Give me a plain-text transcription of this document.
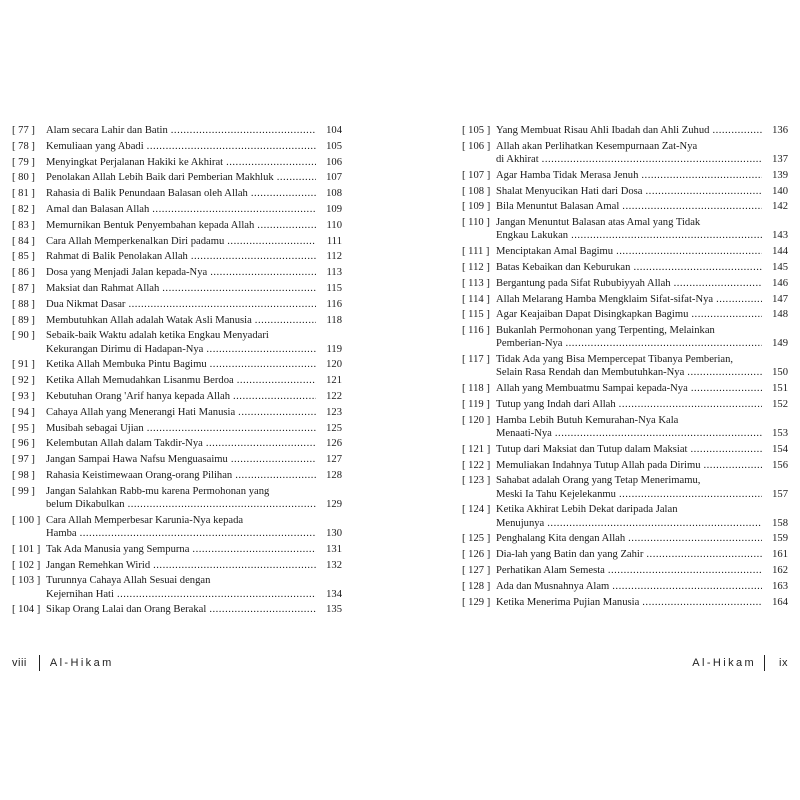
[ 77 ] Alam secara Lahir dan Batin .....	104
[ 78 ] Kemuliaan yang Abadi .....	105
[ 79 ] Menyingkat Perjalanan Hakiki ke Akhirat .....	106
[ 80 ] Penolakan Allah Lebih Baik dari Pemberian Makhluk .....	107
[ 81 ] Rahasia di Balik Penundaan Balasan oleh Allah .....	108
[ 82 ] Amal dan Balasan Allah .....	109
[ 83 ] Memurnikan Bentuk Penyembahan kepada Allah .....	110
[ 84 ] Cara Allah Memperkenalkan Diri padamu .....	111
[ 85 ] Rahmat di Balik Penolakan Allah .....	112
[ 86 ] Dosa yang Menjadi Jalan kepada-Nya .....	113
[ 87 ] Maksiat dan Rahmat Allah .....	115
[ 88 ] Dua Nikmat Dasar .....	116
[ 89 ] Membutuhkan Allah adalah Watak Asli Manusia .....	118
[ 90 ] Sebaik-baik Waktu adalah ketika Engkau Menyadari
Kekurangan Dirimu di Hadapan-Nya .....	119
[ 91 ] Ketika Allah Membuka Pintu Bagimu .....	120
[ 92 ] Ketika Allah Memudahkan Lisanmu Berdoa .....	121
[ 93 ] Kebutuhan Orang 'Arif hanya kepada Allah .....	122
[ 94 ] Cahaya Allah yang Menerangi Hati Manusia .....	123
[ 95 ] Musibah sebagai Ujian .....	125
[ 96 ] Kelembutan Allah dalam Takdir-Nya .....	126
[ 97 ] Jangan Sampai Hawa Nafsu Menguasaimu .....	127
[ 98 ] Rahasia Keistimewaan Orang-orang Pilihan .....	128
[ 99 ] Jangan Salahkan Rabb-mu karena Permohonan yang
belum Dikabulkan .....	129
[ 100 ] Cara Allah Memperbesar Karunia-Nya kepada
Hamba .....	130
[ 101 ] Tak Ada Manusia yang Sempurna .....	131
[ 102 ] Jangan Remehkan Wirid .....	132
[ 103 ] Turunnya Cahaya Allah Sesuai dengan
Kejernihan Hati .....	134
[ 104 ] Sikap Orang Lalai dan Orang Berakal .....	135
viii Al-Hikam	Al-Hikam ix
[ 105 ] Yang Membuat Risau Ahli Ibadah dan Ahli Zuhud .....	136
[ 106 ] Allah akan Perlihatkan Kesempurnaan Zat-Nya
di Akhirat .....	137
[ 107 ] Agar Hamba Tidak Merasa Jenuh .....	139
[ 108 ] Shalat Menyucikan Hati dari Dosa .....	140
[ 109 ] Bila Menuntut Balasan Amal .....	142
[ 110 ] Jangan Menuntut Balasan atas Amal yang Tidak
Engkau Lakukan .....	143
[ 111 ] Menciptakan Amal Bagimu .....	144
[ 112 ] Batas Kebaikan dan Keburukan .....	145
[ 113 ] Bergantung pada Sifat Rububiyyah Allah .....	146
[ 114 ] Allah Melarang Hamba Mengklaim Sifat-sifat-Nya .....	147
[ 115 ] Agar Keajaiban Dapat Disingkapkan Bagimu .....	148
[ 116 ] Bukanlah Permohonan yang Terpenting, Melainkan
Pemberian-Nya .....	149
[ 117 ] Tidak Ada yang Bisa Mempercepat Tibanya Pemberian,
Selain Rasa Rendah dan Membutuhkan-Nya .....	150
[ 118 ] Allah yang Membuatmu Sampai kepada-Nya .....	151
[ 119 ] Tutup yang Indah dari Allah .....	152
[ 120 ] Hamba Lebih Butuh Kemurahan-Nya Kala
Menaati-Nya .....	153
[ 121 ] Tutup dari Maksiat dan Tutup dalam Maksiat .....	154
[ 122 ] Memuliakan Indahnya Tutup Allah pada Dirimu .....	156
[ 123 ] Sahabat adalah Orang yang Tetap Menerimamu,
Meski Ia Tahu Kejelekanmu .....	157
[ 124 ] Ketika Akhirat Lebih Dekat daripada Jalan
Menujunya .....	158
[ 125 ] Penghalang Kita dengan Allah .....	159
[ 126 ] Dia-lah yang Batin dan yang Zahir .....	161
[ 127 ] Perhatikan Alam Semesta .....	162
[ 128 ] Ada dan Musnahnya Alam .....	163
[ 129 ] Ketika Menerima Pujian Manusia .....	164
